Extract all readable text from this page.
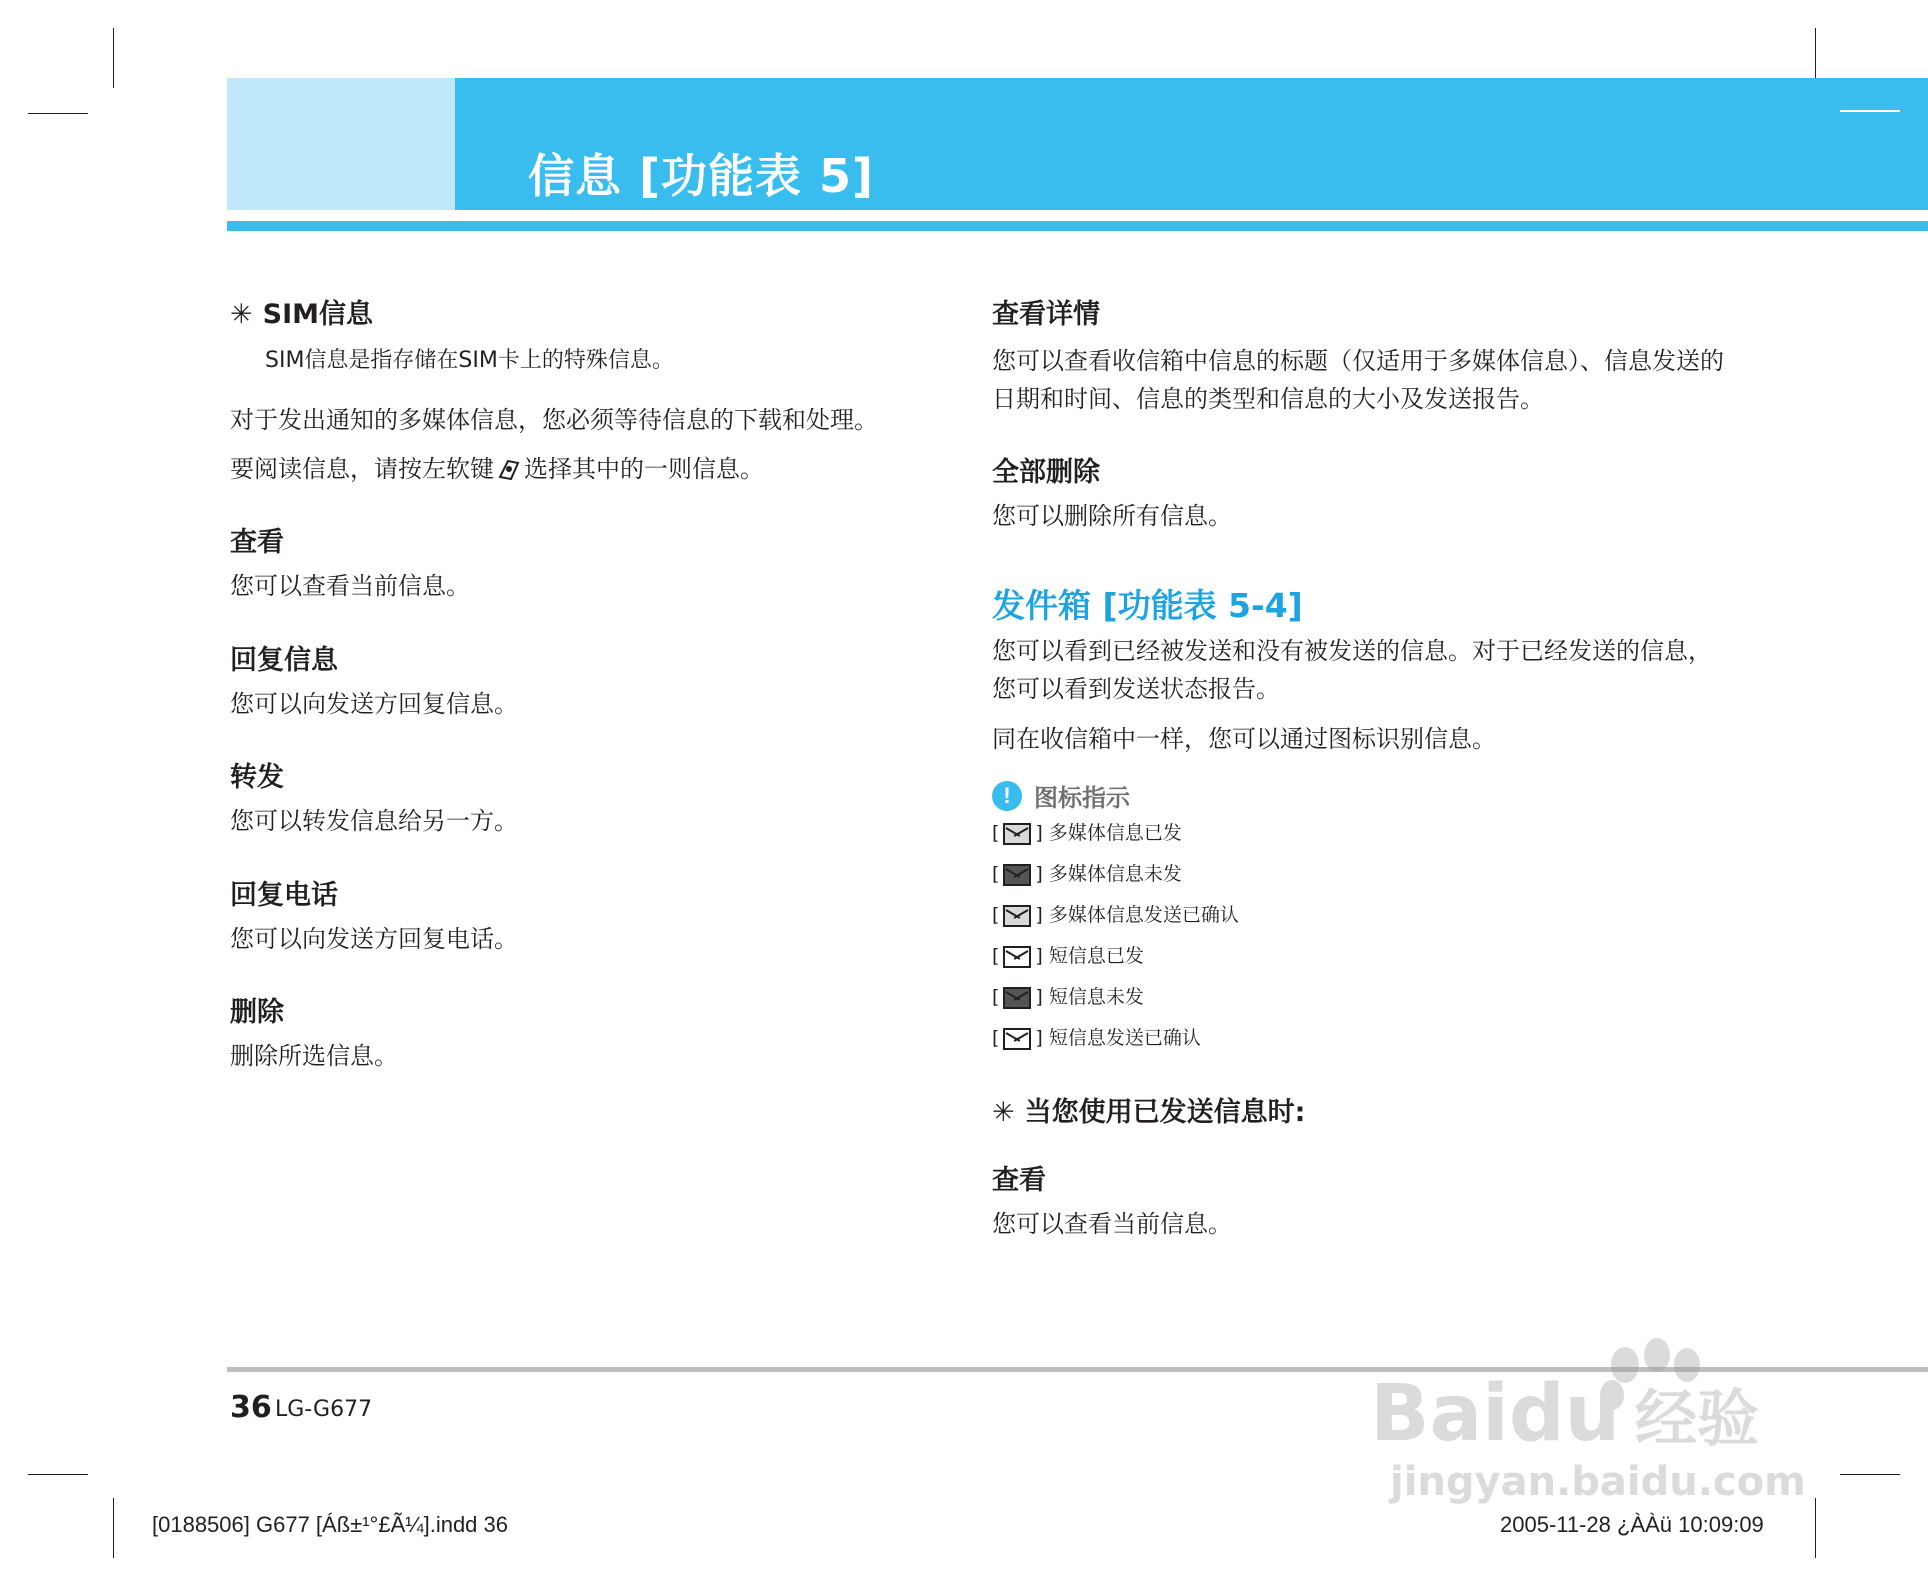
信息 [功能表 5]
✳ SIM信息
SIM信息是指存储在SIM卡上的特殊信息。
对于发出通知的多媒体信息，您必须等待信息的下载和处理。
要阅读信息，请按左软键 选择其中的一则信息。
查看
您可以查看当前信息。
回复信息
您可以向发送方回复信息。
转发
您可以转发信息给另一方。
回复电话
您可以向发送方回复电话。
删除
删除所选信息。
查看详情
您可以查看收信箱中信息的标题（仅适用于多媒体信息）、信息发送的
日期和时间、信息的类型和信息的大小及发送报告。
全部删除
您可以删除所有信息。
发件箱 [功能表 5-4]
您可以看到已经被发送和没有被发送的信息。对于已经发送的信息，
您可以看到发送状态报告。
同在收信箱中一样，您可以通过图标识别信息。
! 图标指示
[ ] 多媒体信息已发
[ ] 多媒体信息未发
[ ] 多媒体信息发送已确认
[ ] 短信息已发
[ ] 短信息未发
[ ] 短信息发送已确认
✳ 当您使用已发送信息时:
查看
您可以查看当前信息。
36 LG-G677
[0188506] G677 [Áß±¹°£Ã¼].indd 36	2005-11-28 ¿ÀÀü 10:09:09
Baidu 经验
jingyan.baidu.com
